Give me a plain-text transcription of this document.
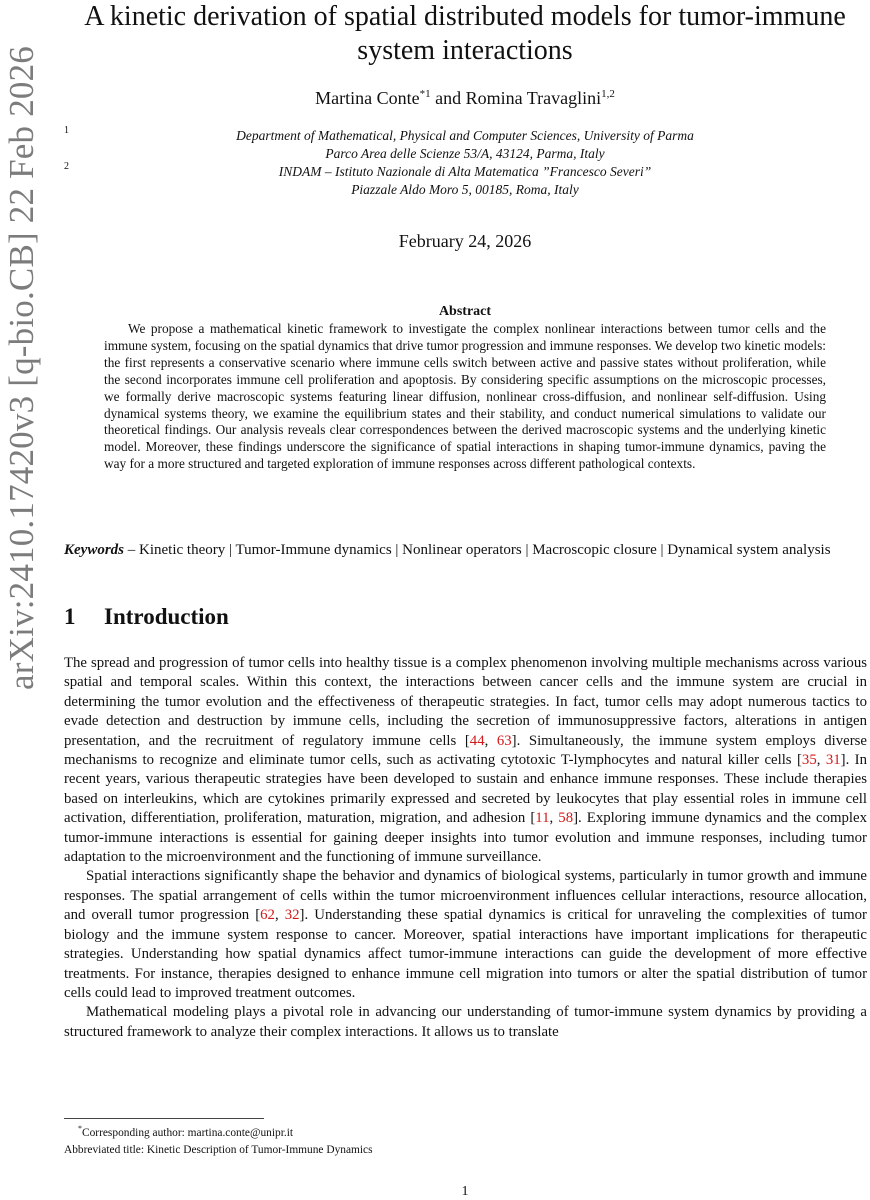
arXiv:2410.17420v3 [q-bio.CB] 22 Feb 2026
A kinetic derivation of spatial distributed models for tumor-immune system interactions
Martina Conte$^{*1}$ and Romina Travaglini$^{1,2}$
1	Department of Mathematical, Physical and Computer Sciences, University of Parma
Parco Area delle Scienze 53/A, 43124, Parma, Italy
2	INDAM – Istituto Nazionale di Alta Matematica ”Francesco Severi”
Piazzale Aldo Moro 5, 00185, Roma, Italy
February 24, 2026
Abstract
We propose a mathematical kinetic framework to investigate the complex nonlinear interactions between tumor cells and the immune system, focusing on the spatial dynamics that drive tumor progression and immune responses. We develop two kinetic models: the first represents a conservative scenario where immune cells switch between active and passive states without proliferation, while the second incorporates immune cell proliferation and apoptosis. By considering specific assumptions on the microscopic processes, we formally derive macroscopic systems featuring linear diffusion, nonlinear cross-diffusion, and nonlinear self-diffusion. Using dynamical systems theory, we examine the equilibrium states and their stability, and conduct numerical simulations to validate our theoretical findings. Our analysis reveals clear correspondences between the derived macroscopic systems and the underlying kinetic model. Moreover, these findings underscore the significance of spatial interactions in shaping tumor-immune dynamics, paving the way for a more structured and targeted exploration of immune responses across different pathological contexts.
Keywords – Kinetic theory | Tumor-Immune dynamics | Nonlinear operators | Macroscopic closure | Dynamical system analysis
1 Introduction

The spread and progression of tumor cells into healthy tissue is a complex phenomenon involving multiple mechanisms across various spatial and temporal scales. Within this context, the interactions between cancer cells and the immune system are crucial in determining the tumor evolution and the effectiveness of therapeutic strategies. In fact, tumor cells may adopt numerous tactics to evade detection and destruction by immune cells, including the secretion of immunosuppressive factors, alterations in antigen presentation, and the recruitment of regulatory immune cells [44, 63]. Simultaneously, the immune system employs diverse mechanisms to recognize and eliminate tumor cells, such as activating cytotoxic T-lymphocytes and natural killer cells [35, 31]. In recent years, various therapeutic strategies have been developed to sustain and enhance immune responses. These include therapies based on interleukins, which are cytokines primarily expressed and secreted by leukocytes that play essential roles in immune cell activation, differentiation, proliferation, maturation, migration, and adhesion [11, 58]. Exploring immune dynamics and the complex tumor-immune interactions is essential for gaining deeper insights into tumor evolution and immune responses, including tumor adaptation to the microenvironment and the functioning of immune surveillance.

Spatial interactions significantly shape the behavior and dynamics of biological systems, particularly in tumor growth and immune responses. The spatial arrangement of cells within the tumor microenvironment influences cellular interactions, resource allocation, and overall tumor progression [62, 32]. Understanding these spatial dynamics is critical for unraveling the complexities of tumor biology and the immune system response to cancer. Moreover, spatial interactions have important implications for therapeutic strategies. Understanding how spatial dynamics affect tumor-immune interactions can guide the development of more effective treatments. For instance, therapies designed to enhance immune cell migration into tumors or alter the spatial distribution of tumor cells could lead to improved treatment outcomes.

Mathematical modeling plays a pivotal role in advancing our understanding of tumor-immune system dynamics by providing a structured framework to analyze their complex interactions. It allows us to translate

*Corresponding author: martina.conte@unipr.it
Abbreviated title: Kinetic Description of Tumor-Immune Dynamics
1
